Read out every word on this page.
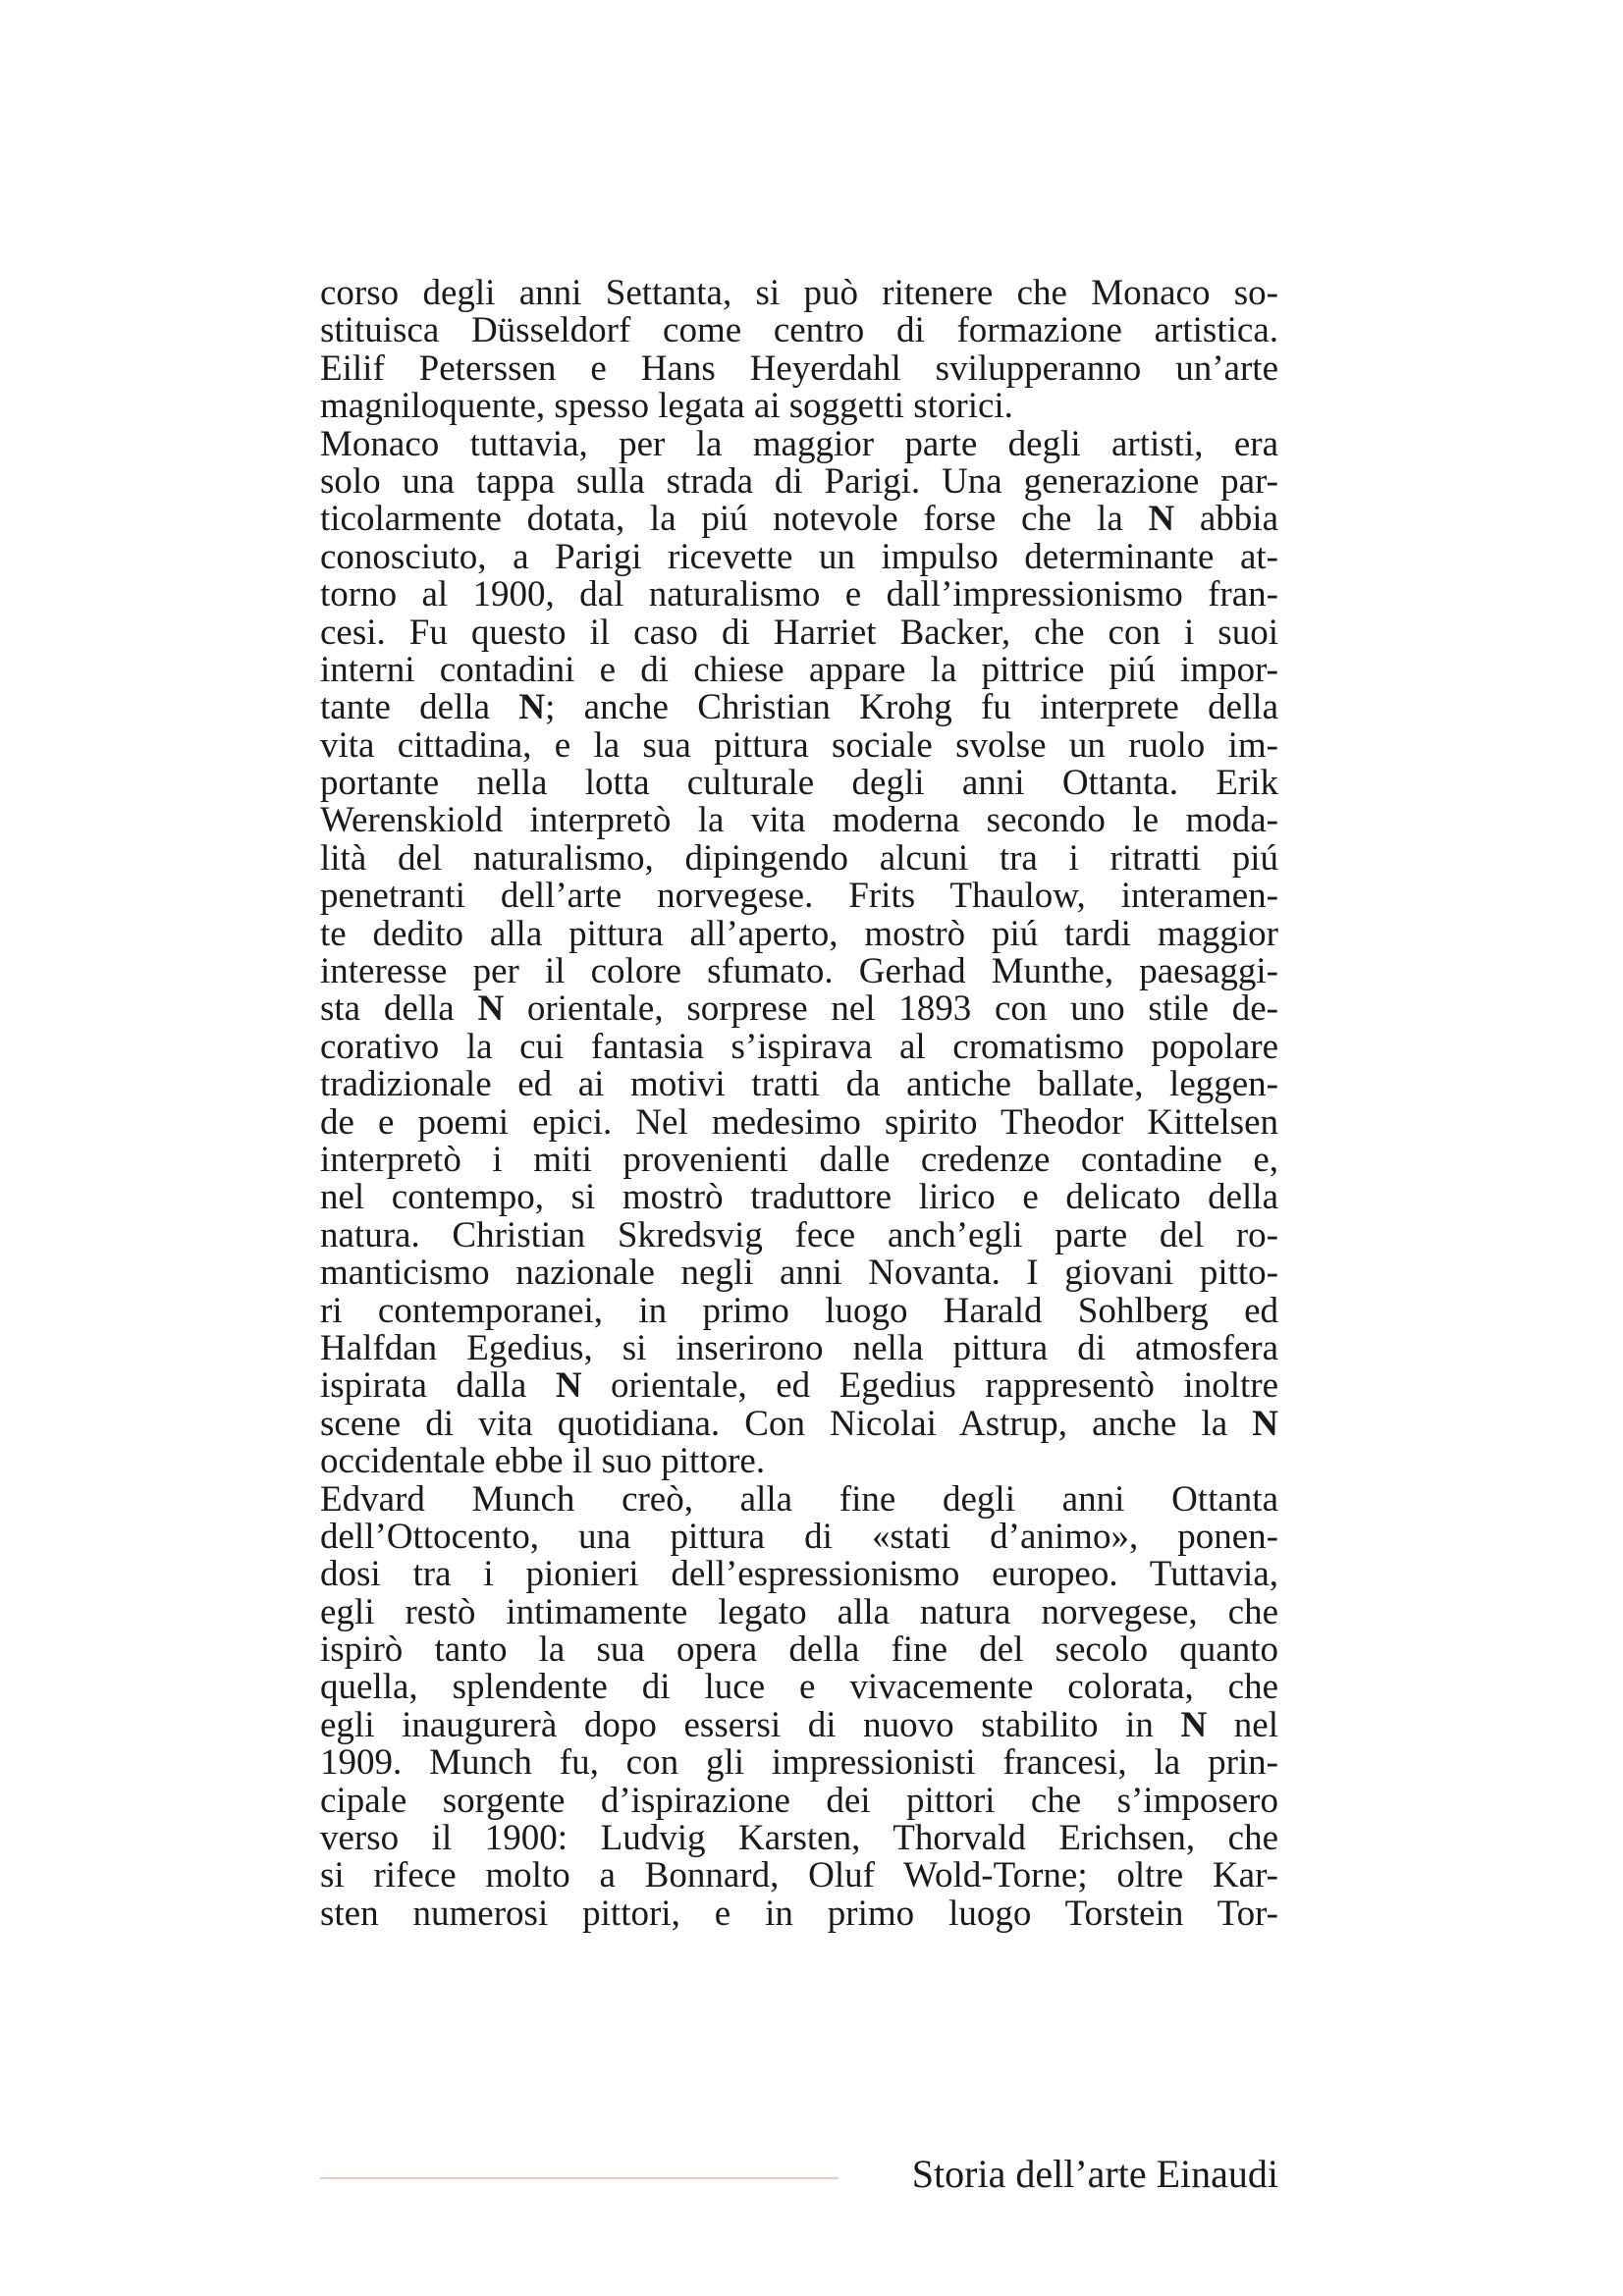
corso degli anni Settanta, si può ritenere che Monaco so-
stituisca Düsseldorf come centro di formazione artistica.
Eilif Peterssen e Hans Heyerdahl svilupperanno un’arte
magniloquente, spesso legata ai soggetti storici.
Monaco tuttavia, per la maggior parte degli artisti, era
solo una tappa sulla strada di Parigi. Una generazione par-
ticolarmente dotata, la piú notevole forse che la N abbia
conosciuto, a Parigi ricevette un impulso determinante at-
torno al 1900, dal naturalismo e dall’impressionismo fran-
cesi. Fu questo il caso di Harriet Backer, che con i suoi
interni contadini e di chiese appare la pittrice piú impor-
tante della N; anche Christian Krohg fu interprete della
vita cittadina, e la sua pittura sociale svolse un ruolo im-
portante nella lotta culturale degli anni Ottanta. Erik
Werenskiold interpretò la vita moderna secondo le moda-
lità del naturalismo, dipingendo alcuni tra i ritratti piú
penetranti dell’arte norvegese. Frits Thaulow, interamen-
te dedito alla pittura all’aperto, mostrò piú tardi maggior
interesse per il colore sfumato. Gerhad Munthe, paesaggi-
sta della N orientale, sorprese nel 1893 con uno stile de-
corativo la cui fantasia s’ispirava al cromatismo popolare
tradizionale ed ai motivi tratti da antiche ballate, leggen-
de e poemi epici. Nel medesimo spirito Theodor Kittelsen
interpretò i miti provenienti dalle credenze contadine e,
nel contempo, si mostrò traduttore lirico e delicato della
natura. Christian Skredsvig fece anch’egli parte del ro-
manticismo nazionale negli anni Novanta. I giovani pitto-
ri contemporanei, in primo luogo Harald Sohlberg ed
Halfdan Egedius, si inserirono nella pittura di atmosfera
ispirata dalla N orientale, ed Egedius rappresentò inoltre
scene di vita quotidiana. Con Nicolai Astrup, anche la N
occidentale ebbe il suo pittore.
Edvard Munch creò, alla fine degli anni Ottanta
dell’Ottocento, una pittura di «stati d’animo», ponen-
dosi tra i pionieri dell’espressionismo europeo. Tuttavia,
egli restò intimamente legato alla natura norvegese, che
ispirò tanto la sua opera della fine del secolo quanto
quella, splendente di luce e vivacemente colorata, che
egli inaugurerà dopo essersi di nuovo stabilito in N nel
1909. Munch fu, con gli impressionisti francesi, la prin-
cipale sorgente d’ispirazione dei pittori che s’imposero
verso il 1900: Ludvig Karsten, Thorvald Erichsen, che
si rifece molto a Bonnard, Oluf Wold-Torne; oltre Kar-
sten numerosi pittori, e in primo luogo Torstein Tor-
Storia dell’arte Einaudi
